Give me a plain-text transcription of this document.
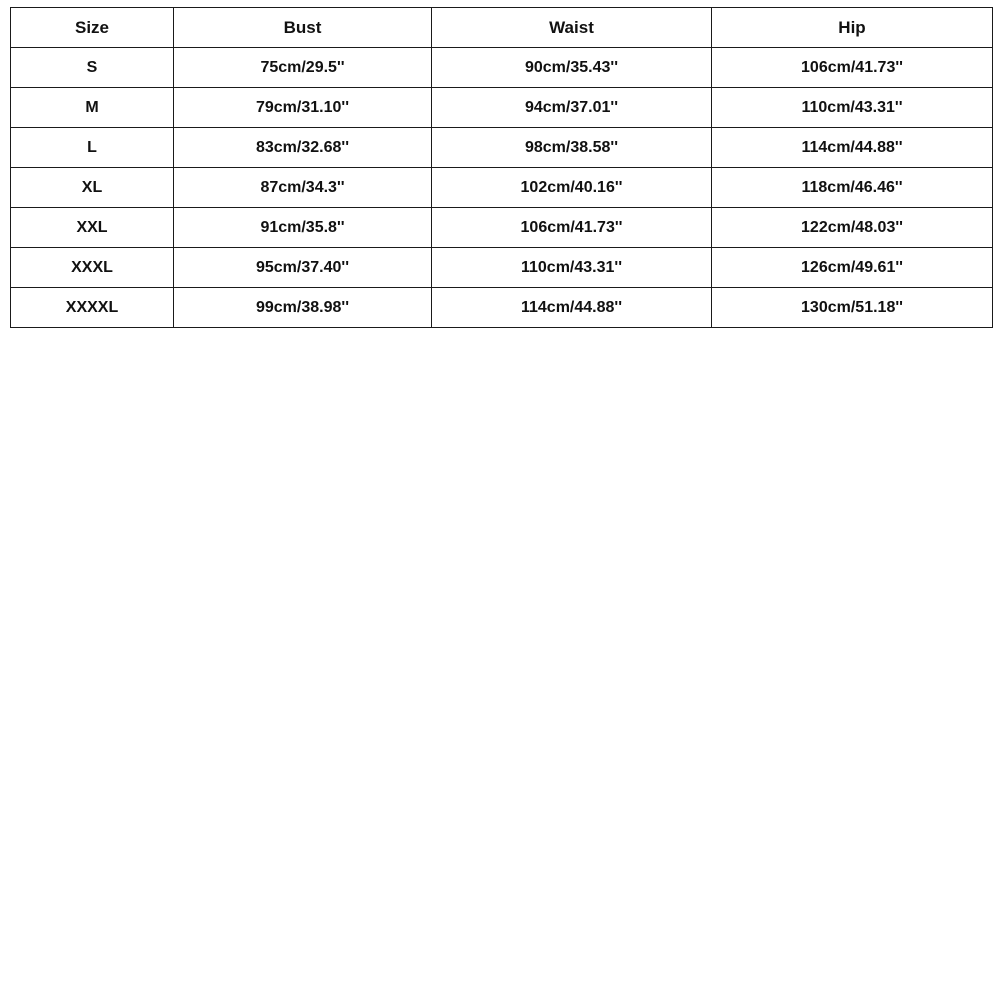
Size	Bust	Waist	Hip
S	75cm/29.5''	90cm/35.43''	106cm/41.73''
M	79cm/31.10''	94cm/37.01''	110cm/43.31''
L	83cm/32.68''	98cm/38.58''	114cm/44.88''
XL	87cm/34.3''	102cm/40.16''	118cm/46.46''
XXL	91cm/35.8''	106cm/41.73''	122cm/48.03''
XXXL	95cm/37.40''	110cm/43.31''	126cm/49.61''
XXXXL	99cm/38.98''	114cm/44.88''	130cm/51.18''
